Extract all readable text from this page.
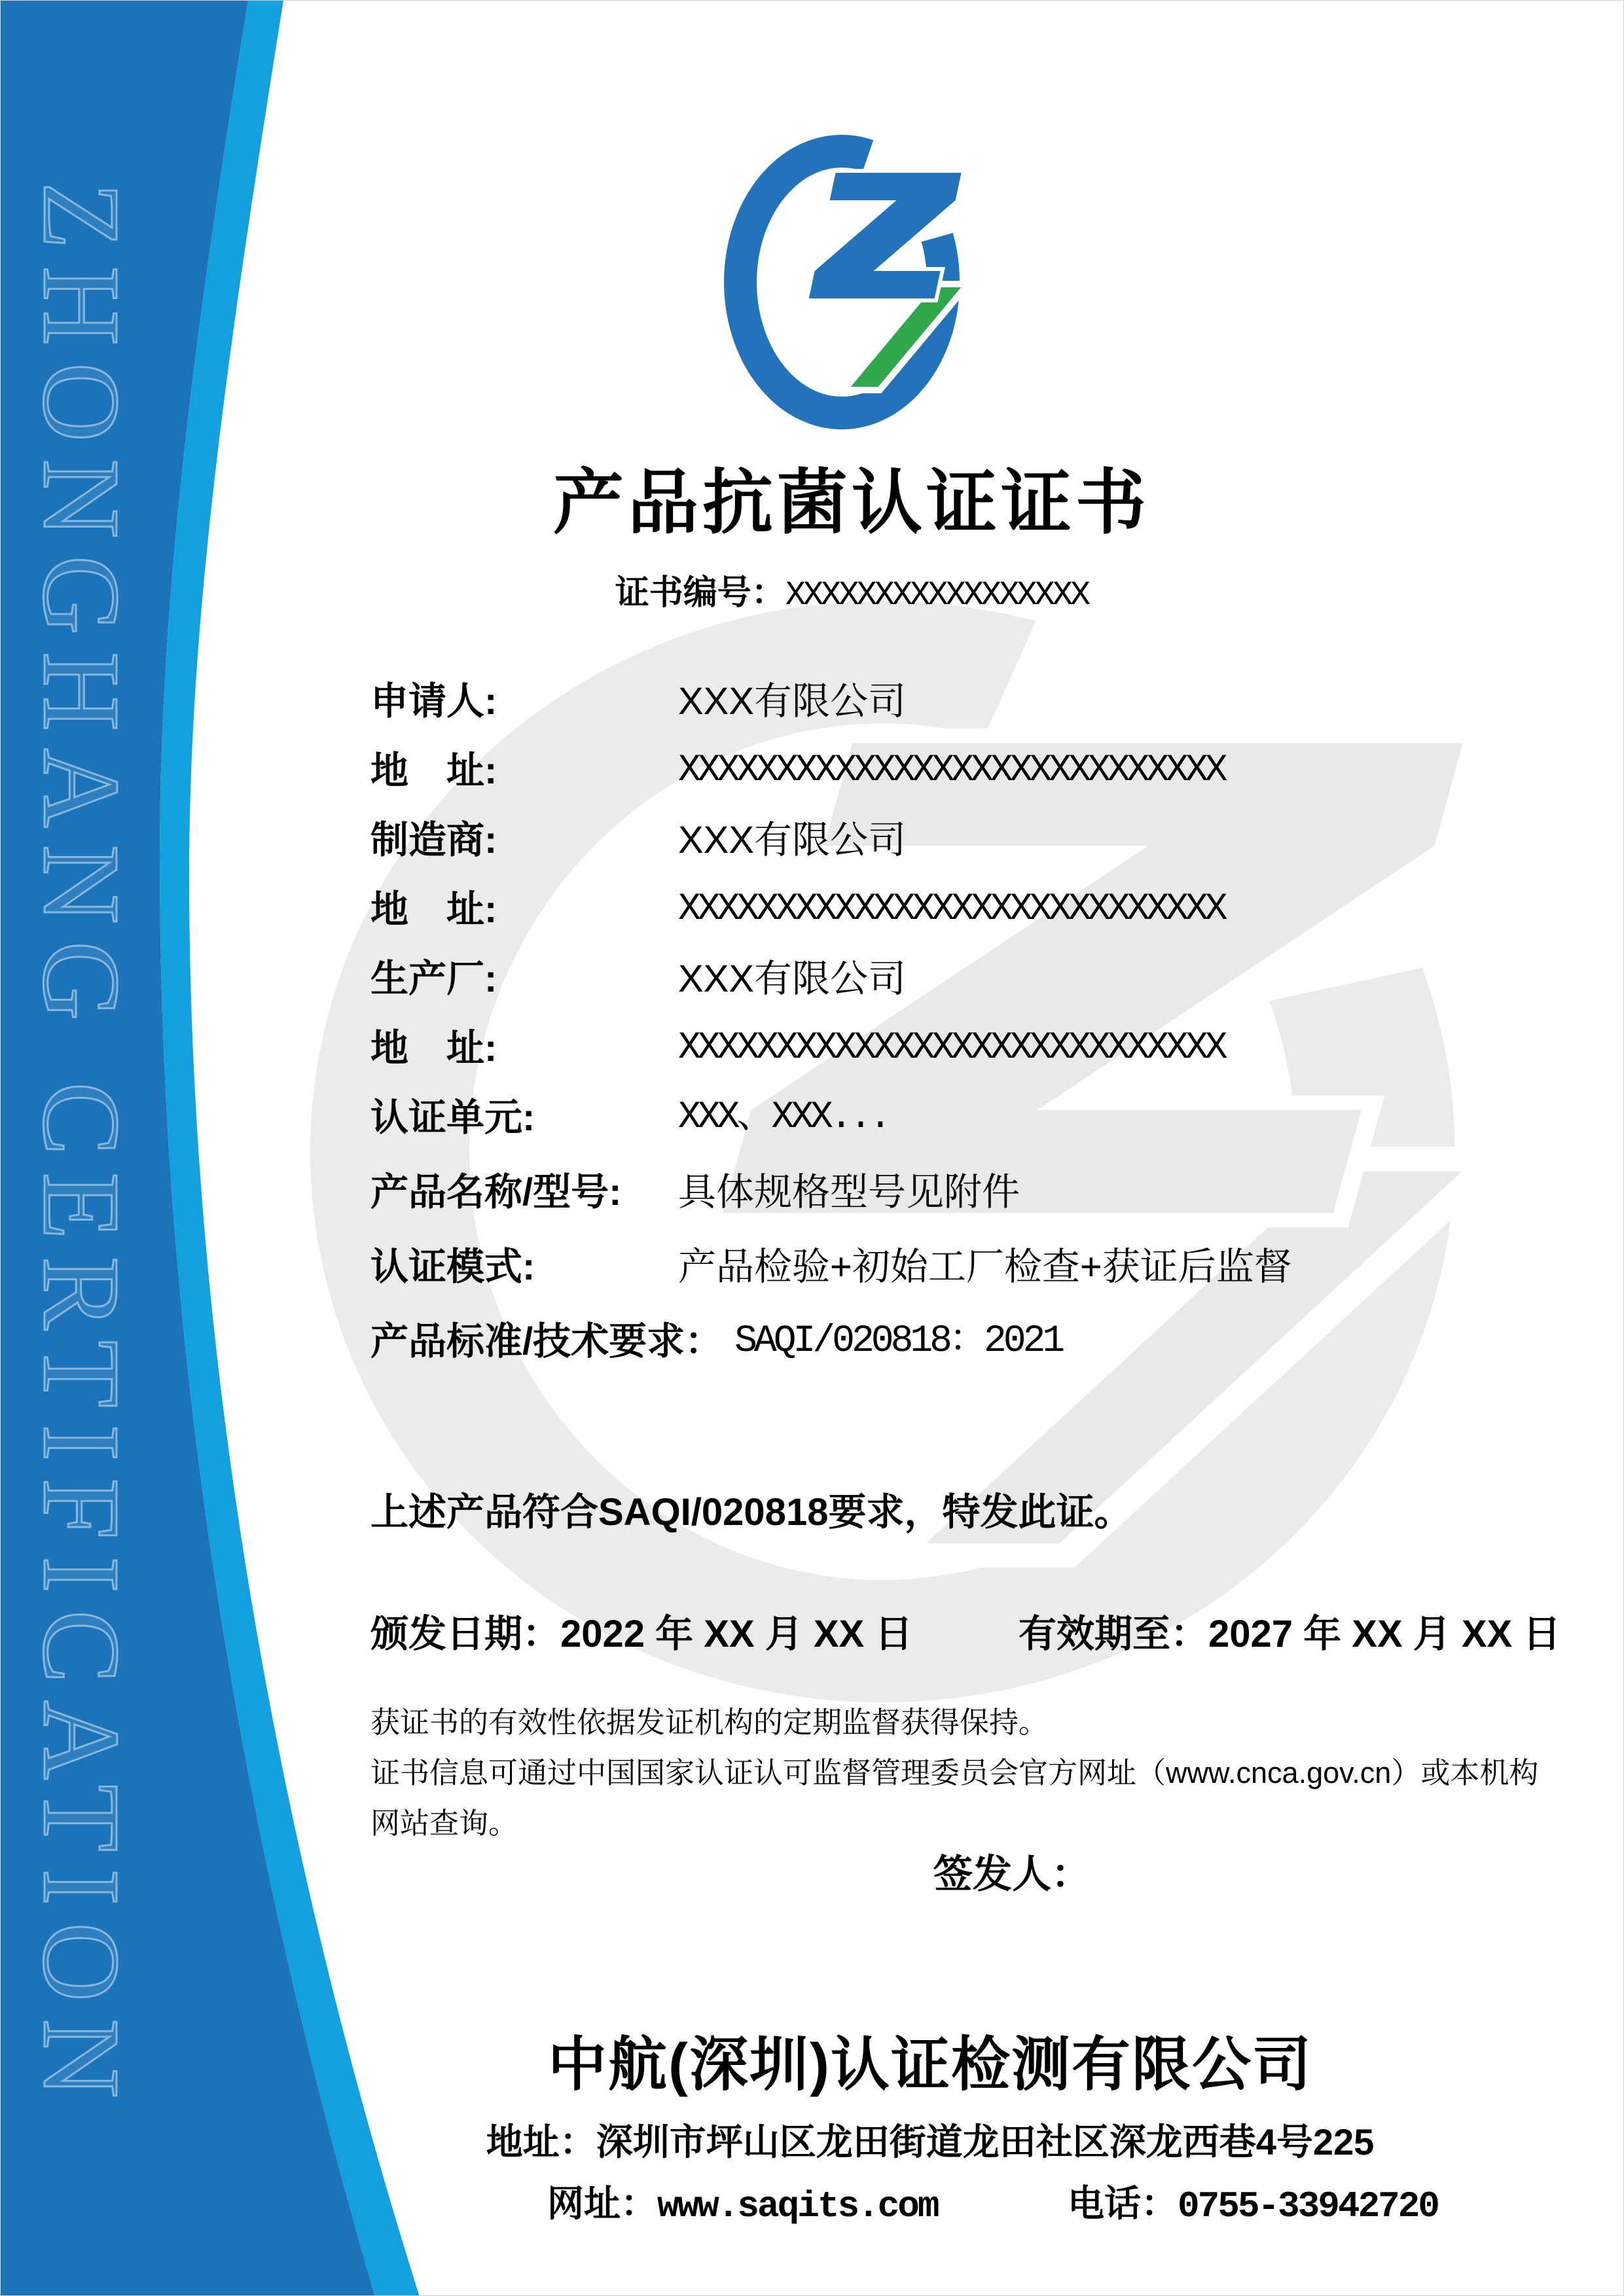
ZHONGHANG CERTIFICATION	产品抗菌认证证书
证书编号：XXXXXXXXXXXXXXXXX
申请人:	XXX有限公司
地　址:	XXXXXXXXXXXXXXXXXXXXXXXXXXXX
制造商:	XXX有限公司
地　址:	XXXXXXXXXXXXXXXXXXXXXXXXXXXX
生产厂:	XXX有限公司
地　址:	XXXXXXXXXXXXXXXXXXXXXXXXXXXX
认证单元:	XXX、XXX...
产品名称/型号:	具体规格型号见附件
认证模式:	产品检验+初始工厂检查+获证后监督
产品标准/技术要求： SAQI/020818：2021
上述产品符合SAQI/020818要求，特发此证。
颁发日期：2022 年 XX 月 XX 日	有效期至：2027 年 XX 月 XX 日
获证书的有效性依据发证机构的定期监督获得保持。
证书信息可通过中国国家认证认可监督管理委员会官方网址（www.cnca.gov.cn）或本机构
网站查询。
签发人：
中航(深圳)认证检测有限公司
地址：深圳市坪山区龙田街道龙田社区深龙西巷4号225
网址：www.saqits.com	电话：0755-33942720
